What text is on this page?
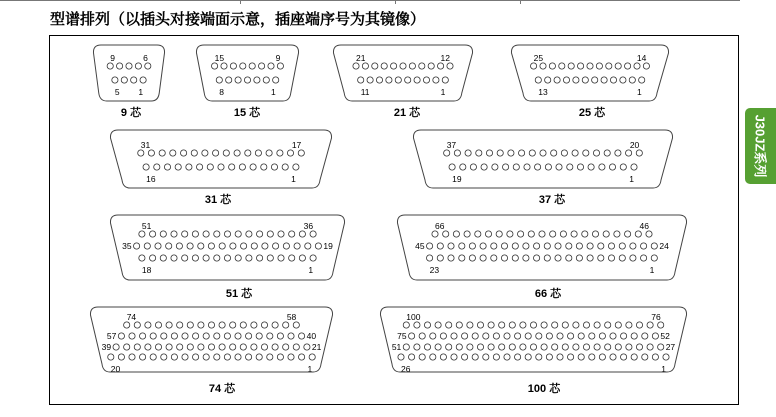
型谱排列（以插头对接端面示意，插座端序号为其镜像）
J30JZ系列
9	6
5 1
9 芯
15	9
8	1
15 芯
21	12
11	1
21 芯
25	14
13	1
25 芯
31	17
16	1
31 芯
37	20
19	1
37 芯
51	36
35	19
18	1
51 芯
66	46
45	24
23	1
66 芯
74	58
57	40
39	21
20	1
74 芯
100	76
75	52
51	27
26	1
100 芯
